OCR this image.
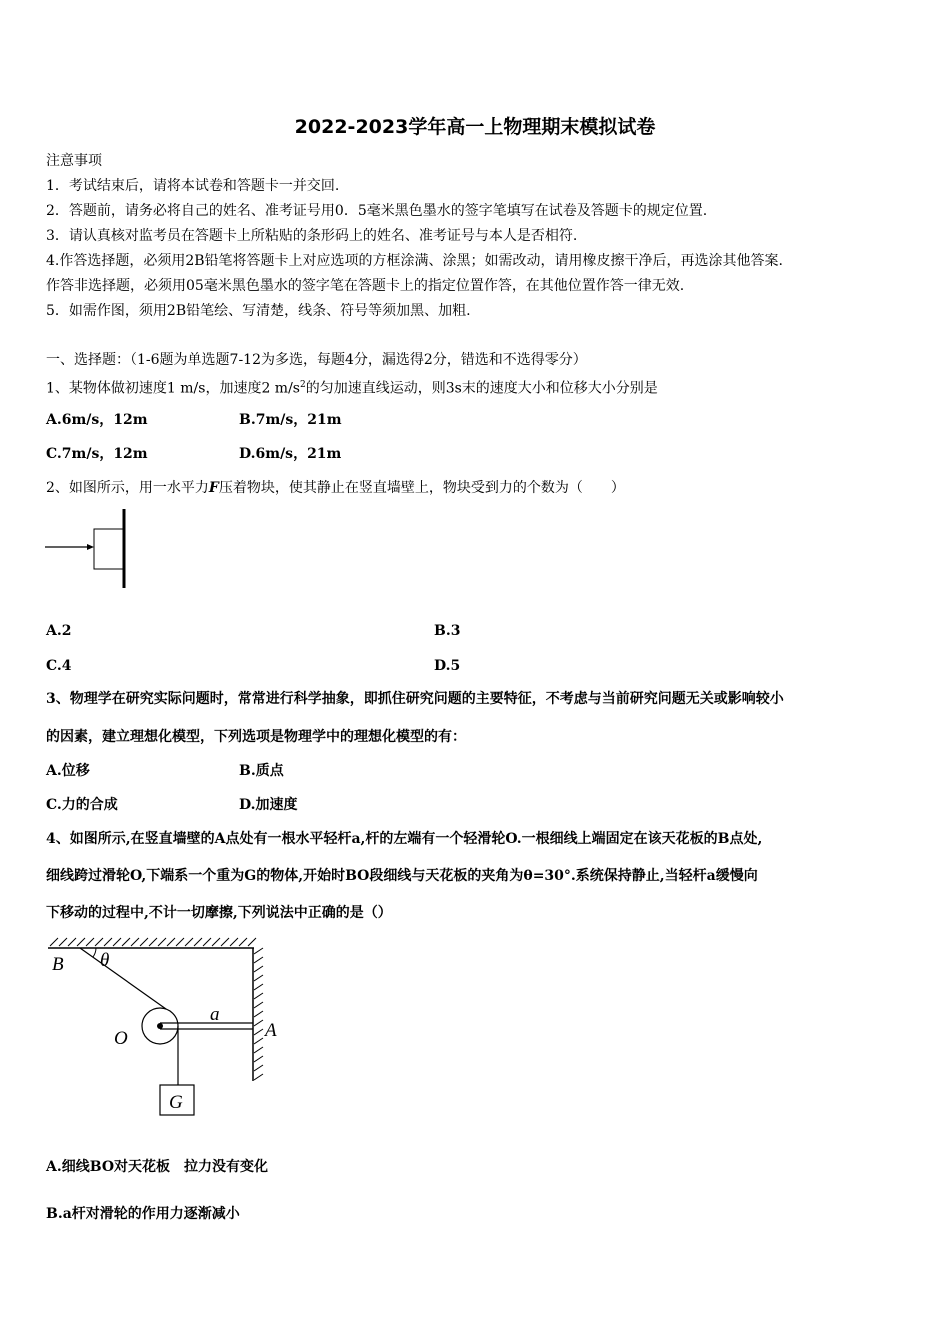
2022-2023学年高一上物理期末模拟试卷
注意事项
1．考试结束后，请将本试卷和答题卡一并交回.
2．答题前，请务必将自己的姓名、准考证号用0．5毫米黑色墨水的签字笔填写在试卷及答题卡的规定位置.
3．请认真核对监考员在答题卡上所粘贴的条形码上的姓名、准考证号与本人是否相符.
4.作答选择题，必须用2B铅笔将答题卡上对应选项的方框涂满、涂黑；如需改动，请用橡皮擦干净后，再选涂其他答案.
作答非选择题，必须用05毫米黑色墨水的签字笔在答题卡上的指定位置作答，在其他位置作答一律无效.
5．如需作图，须用2B铅笔绘、写清楚，线条、符号等须加黑、加粗.
一、选择题：（1-6题为单选题7-12为多选，每题4分，漏选得2分，错选和不选得零分）
1、某物体做初速度1 m/s，加速度2 $m/s^2$的匀加速直线运动，则3s末的速度大小和位移大小分别是
A.6m/s，12m	B.7m/s，21m
C.7m/s，12m	D.6m/s，21m
2、如图所示，用一水平力F压着物块，使其静止在竖直墙壁上，物块受到力的个数为（　　）
A.2	B.3
C.4	D.5
3、物理学在研究实际问题时，常常进行科学抽象，即抓住研究问题的主要特征，不考虑与当前研究问题无关或影响较小
的因素，建立理想化模型，下列选项是物理学中的理想化模型的有：
A.位移	B.质点
C.力的合成	D.加速度
4、如图所示,在竖直墙壁的A点处有一根水平轻杆a,杆的左端有一个轻滑轮O.一根细线上端固定在该天花板的B点处,
细线跨过滑轮O,下端系一个重为G的物体,开始时BO段细线与天花板的夹角为θ=30°.系统保持静止,当轻杆a缓慢向
下移动的过程中,不计一切摩擦,下列说法中正确的是（）
B θ
O
a
A
G
A.细线BO对天花板　拉力没有变化
B.a杆对滑轮的作用力逐渐减小
